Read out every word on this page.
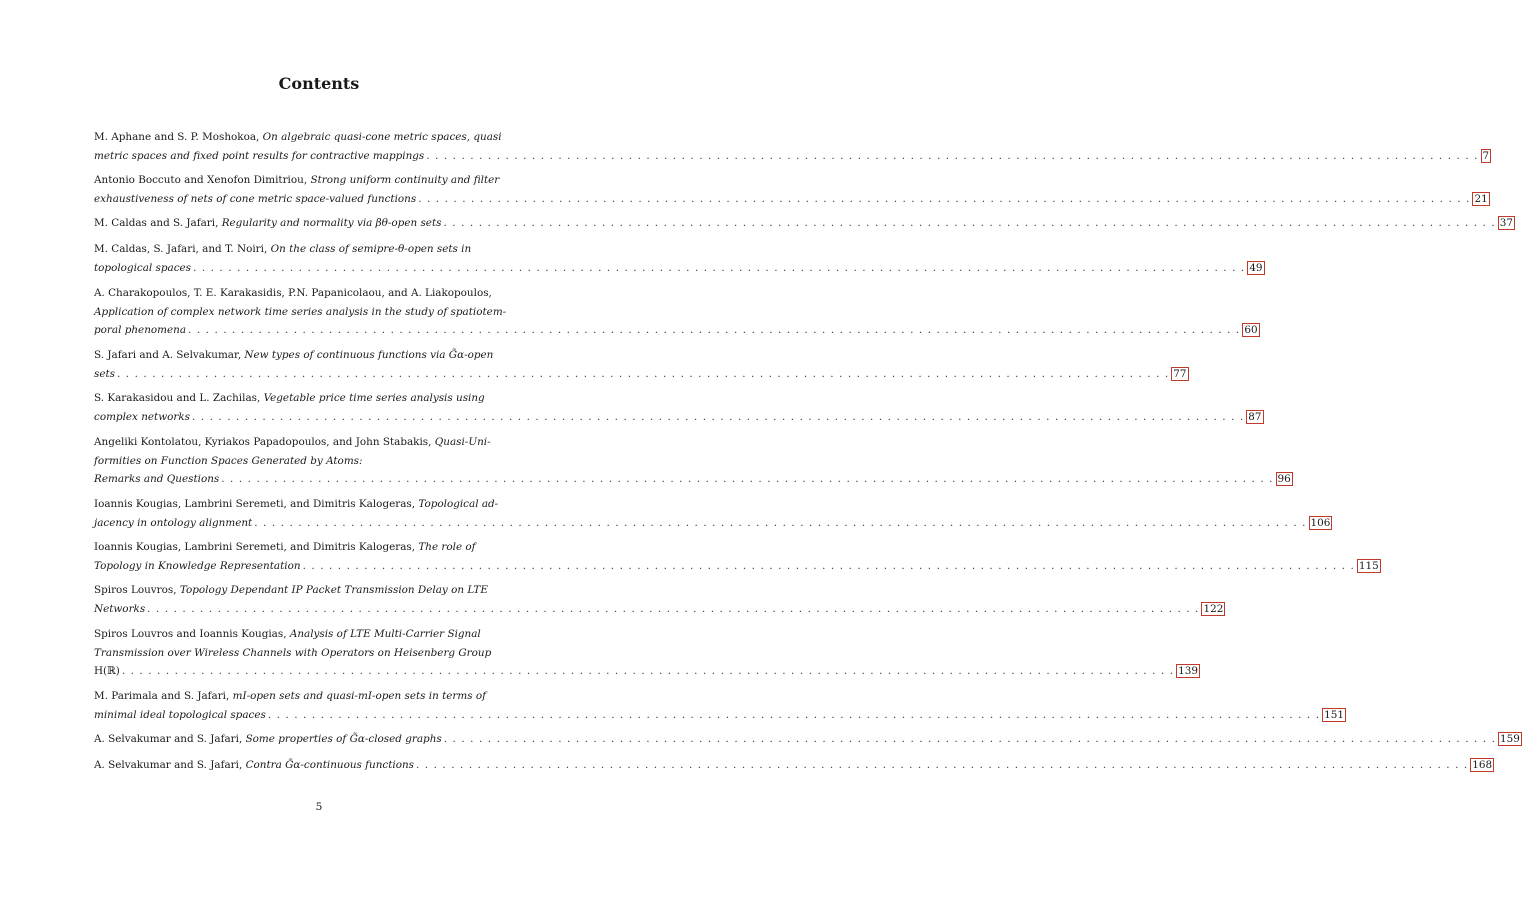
Contents
M. Aphane and S. P. Moshokoa, On algebraic quasi-cone metric spaces, quasi
metric spaces and fixed point results for contractive mappings . . .	7
Antonio Boccuto and Xenofon Dimitriou, Strong uniform continuity and filter
exhaustiveness of nets of cone metric space-valued functions . . .	21
M. Caldas and S. Jafari, Regularity and normality via βθ-open sets . . .	37
M. Caldas, S. Jafari, and T. Noiri, On the class of semipre-θ-open sets in
topological spaces . . .	49
A. Charakopoulos, T. E. Karakasidis, P.N. Papanicolaou, and A. Liakopoulos,
Application of complex network time series analysis in the study of spatiotem-
poral phenomena . . .	60
S. Jafari and A. Selvakumar, New types of continuous functions via G̃α-open
sets . . .	77
S. Karakasidou and L. Zachilas, Vegetable price time series analysis using
complex networks . . .	87
Angeliki Kontolatou, Kyriakos Papadopoulos, and John Stabakis, Quasi-Uni-
formities on Function Spaces Generated by Atoms:
Remarks and Questions . . .	96
Ioannis Kougias, Lambrini Seremeti, and Dimitris Kalogeras, Topological ad-
jacency in ontology alignment . . .	106
Ioannis Kougias, Lambrini Seremeti, and Dimitris Kalogeras, The role of
Topology in Knowledge Representation . . .	115
Spiros Louvros, Topology Dependant IP Packet Transmission Delay on LTE
Networks . . .	122
Spiros Louvros and Ioannis Kougias, Analysis of LTE Multi-Carrier Signal
Transmission over Wireless Channels with Operators on Heisenberg Group
H(ℝ) . . .	139
M. Parimala and S. Jafari, mI-open sets and quasi-mI-open sets in terms of
minimal ideal topological spaces . . .	151
A. Selvakumar and S. Jafari, Some properties of G̃α-closed graphs . . .	159
A. Selvakumar and S. Jafari, Contra G̃α-continuous functions . . .	168
5
